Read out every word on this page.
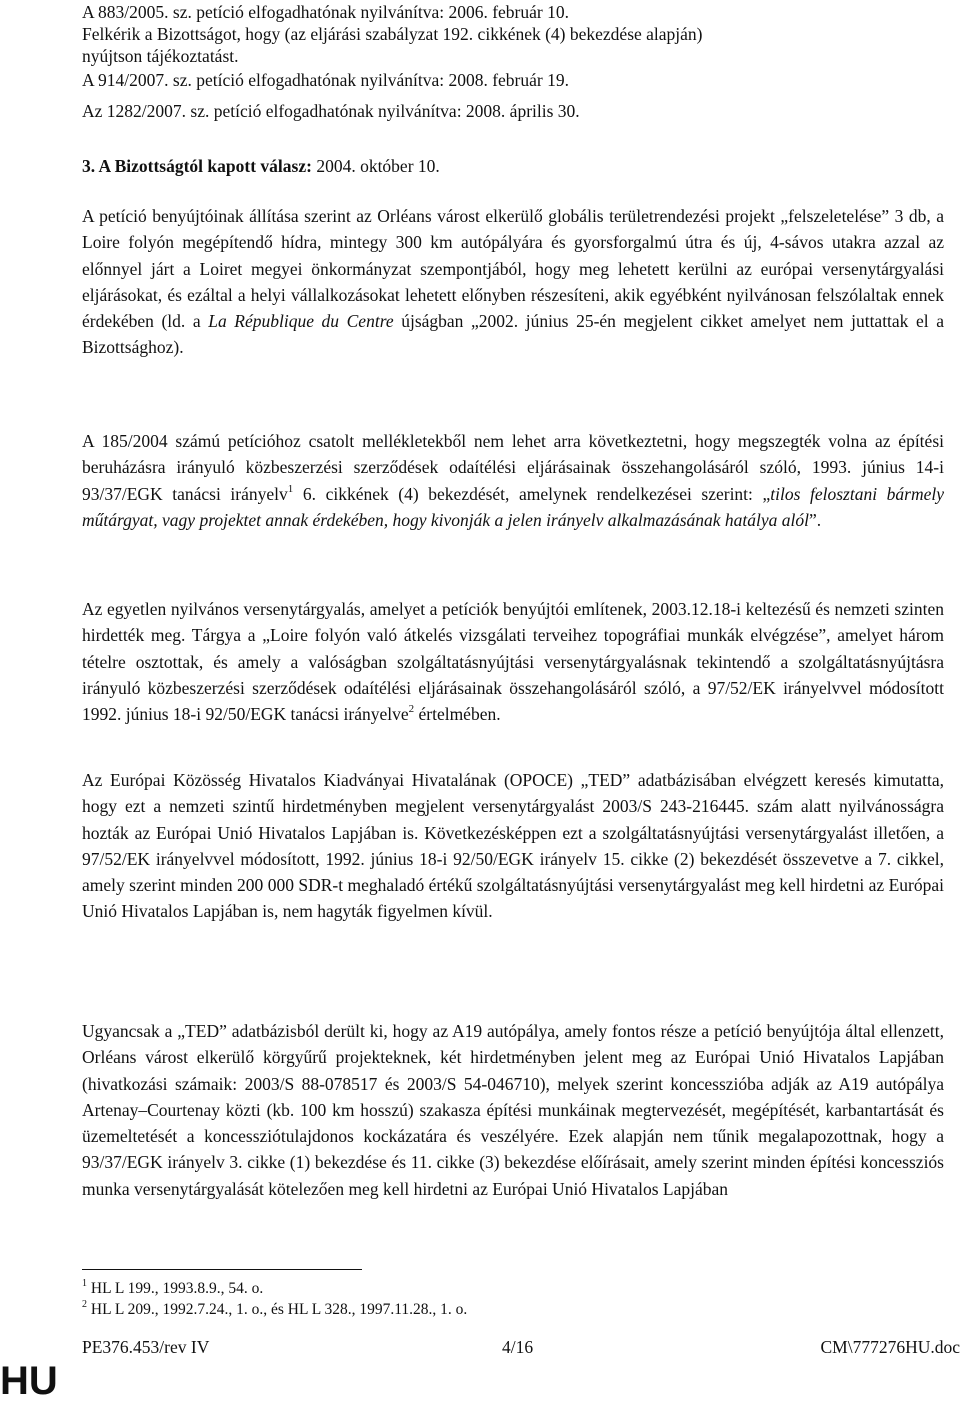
A 883/2005. sz. petíció elfogadhatónak nyilvánítva: 2006. február 10.
Felkérik a Bizottságot, hogy (az eljárási szabályzat 192. cikkének (4) bekezdése alapján)
nyújtson tájékoztatást.
A 914/2007. sz. petíció elfogadhatónak nyilvánítva: 2008. február 19.
Az 1282/2007. sz. petíció elfogadhatónak nyilvánítva: 2008. április 30.
3. A Bizottságtól kapott válasz: 2004. október 10.

A petíció benyújtóinak állítása szerint az Orléans várost elkerülő globális területrendezési projekt „felszeletelése” 3 db, a Loire folyón megépítendő hídra, mintegy 300 km autópályára és gyorsforgalmú útra és új, 4-sávos utakra azzal az előnnyel járt a Loiret megyei önkormányzat szempontjából, hogy meg lehetett kerülni az európai versenytárgyalási eljárásokat, és ezáltal a helyi vállalkozásokat lehetett előnyben részesíteni, akik egyébként nyilvánosan felszólaltak ennek érdekében (ld. a La République du Centre újságban „2002. június 25-én megjelent cikket amelyet nem juttattak el a Bizottsághoz).

A 185/2004 számú petícióhoz csatolt mellékletekből nem lehet arra következtetni, hogy megszegték volna az építési beruházásra irányuló közbeszerzési szerződések odaítélési eljárásainak összehangolásáról szóló, 1993. június 14-i 93/37/EGK tanácsi irányelv$^1$ 6. cikkének (4) bekezdését, amelynek rendelkezései szerint: „tilos felosztani bármely műtárgyat, vagy projektet annak érdekében, hogy kivonják a jelen irányelv alkalmazásának hatálya alól”.

Az egyetlen nyilvános versenytárgyalás, amelyet a petíciók benyújtói említenek, 2003.12.18-i keltezésű és nemzeti szinten hirdették meg. Tárgya a „Loire folyón való átkelés vizsgálati terveihez topográfiai munkák elvégzése”, amelyet három tételre osztottak, és amely a valóságban szolgáltatásnyújtási versenytárgyalásnak tekintendő a szolgáltatásnyújtásra irányuló közbeszerzési szerződések odaítélési eljárásainak összehangolásáról szóló, a 97/52/EK irányelvvel módosított 1992. június 18-i 92/50/EGK tanácsi irányelve$^2$ értelmében.

Az Európai Közösség Hivatalos Kiadványai Hivatalának (OPOCE) „TED” adatbázisában elvégzett keresés kimutatta, hogy ezt a nemzeti szintű hirdetményben megjelent versenytárgyalást 2003/S 243-216445. szám alatt nyilvánosságra hozták az Európai Unió Hivatalos Lapjában is. Következésképpen ezt a szolgáltatásnyújtási versenytárgyalást illetően, a 97/52/EK irányelvvel módosított, 1992. június 18-i 92/50/EGK irányelv 15. cikke (2) bekezdését összevetve a 7. cikkel, amely szerint minden 200 000 SDR-t meghaladó értékű szolgáltatásnyújtási versenytárgyalást meg kell hirdetni az Európai Unió Hivatalos Lapjában is, nem hagyták figyelmen kívül.

Ugyancsak a „TED” adatbázisból derült ki, hogy az A19 autópálya, amely fontos része a petíció benyújtója által ellenzett, Orléans várost elkerülő körgyűrű projekteknek, két hirdetményben jelent meg az Európai Unió Hivatalos Lapjában (hivatkozási számaik: 2003/S 88-078517 és 2003/S 54-046710), melyek szerint koncesszióba adják az A19 autópálya Artenay–Courtenay közti (kb. 100 km hosszú) szakasza építési munkáinak megtervezését, megépítését, karbantartását és üzemeltetését a koncessziótulajdonos kockázatára és veszélyére. Ezek alapján nem tűnik megalapozottnak, hogy a 93/37/EGK irányelv 3. cikke (1) bekezdése és 11. cikke (3) bekezdése előírásait, amely szerint minden építési koncessziós munka versenytárgyalását kötelezően meg kell hirdetni az Európai Unió Hivatalos Lapjában

$^1$ HL L 199., 1993.8.9., 54. o.
$^2$ HL L 209., 1992.7.24., 1. o., és HL L 328., 1997.11.28., 1. o.
PE376.453/rev IV	4/16	CM\777276HU.doc
HU
